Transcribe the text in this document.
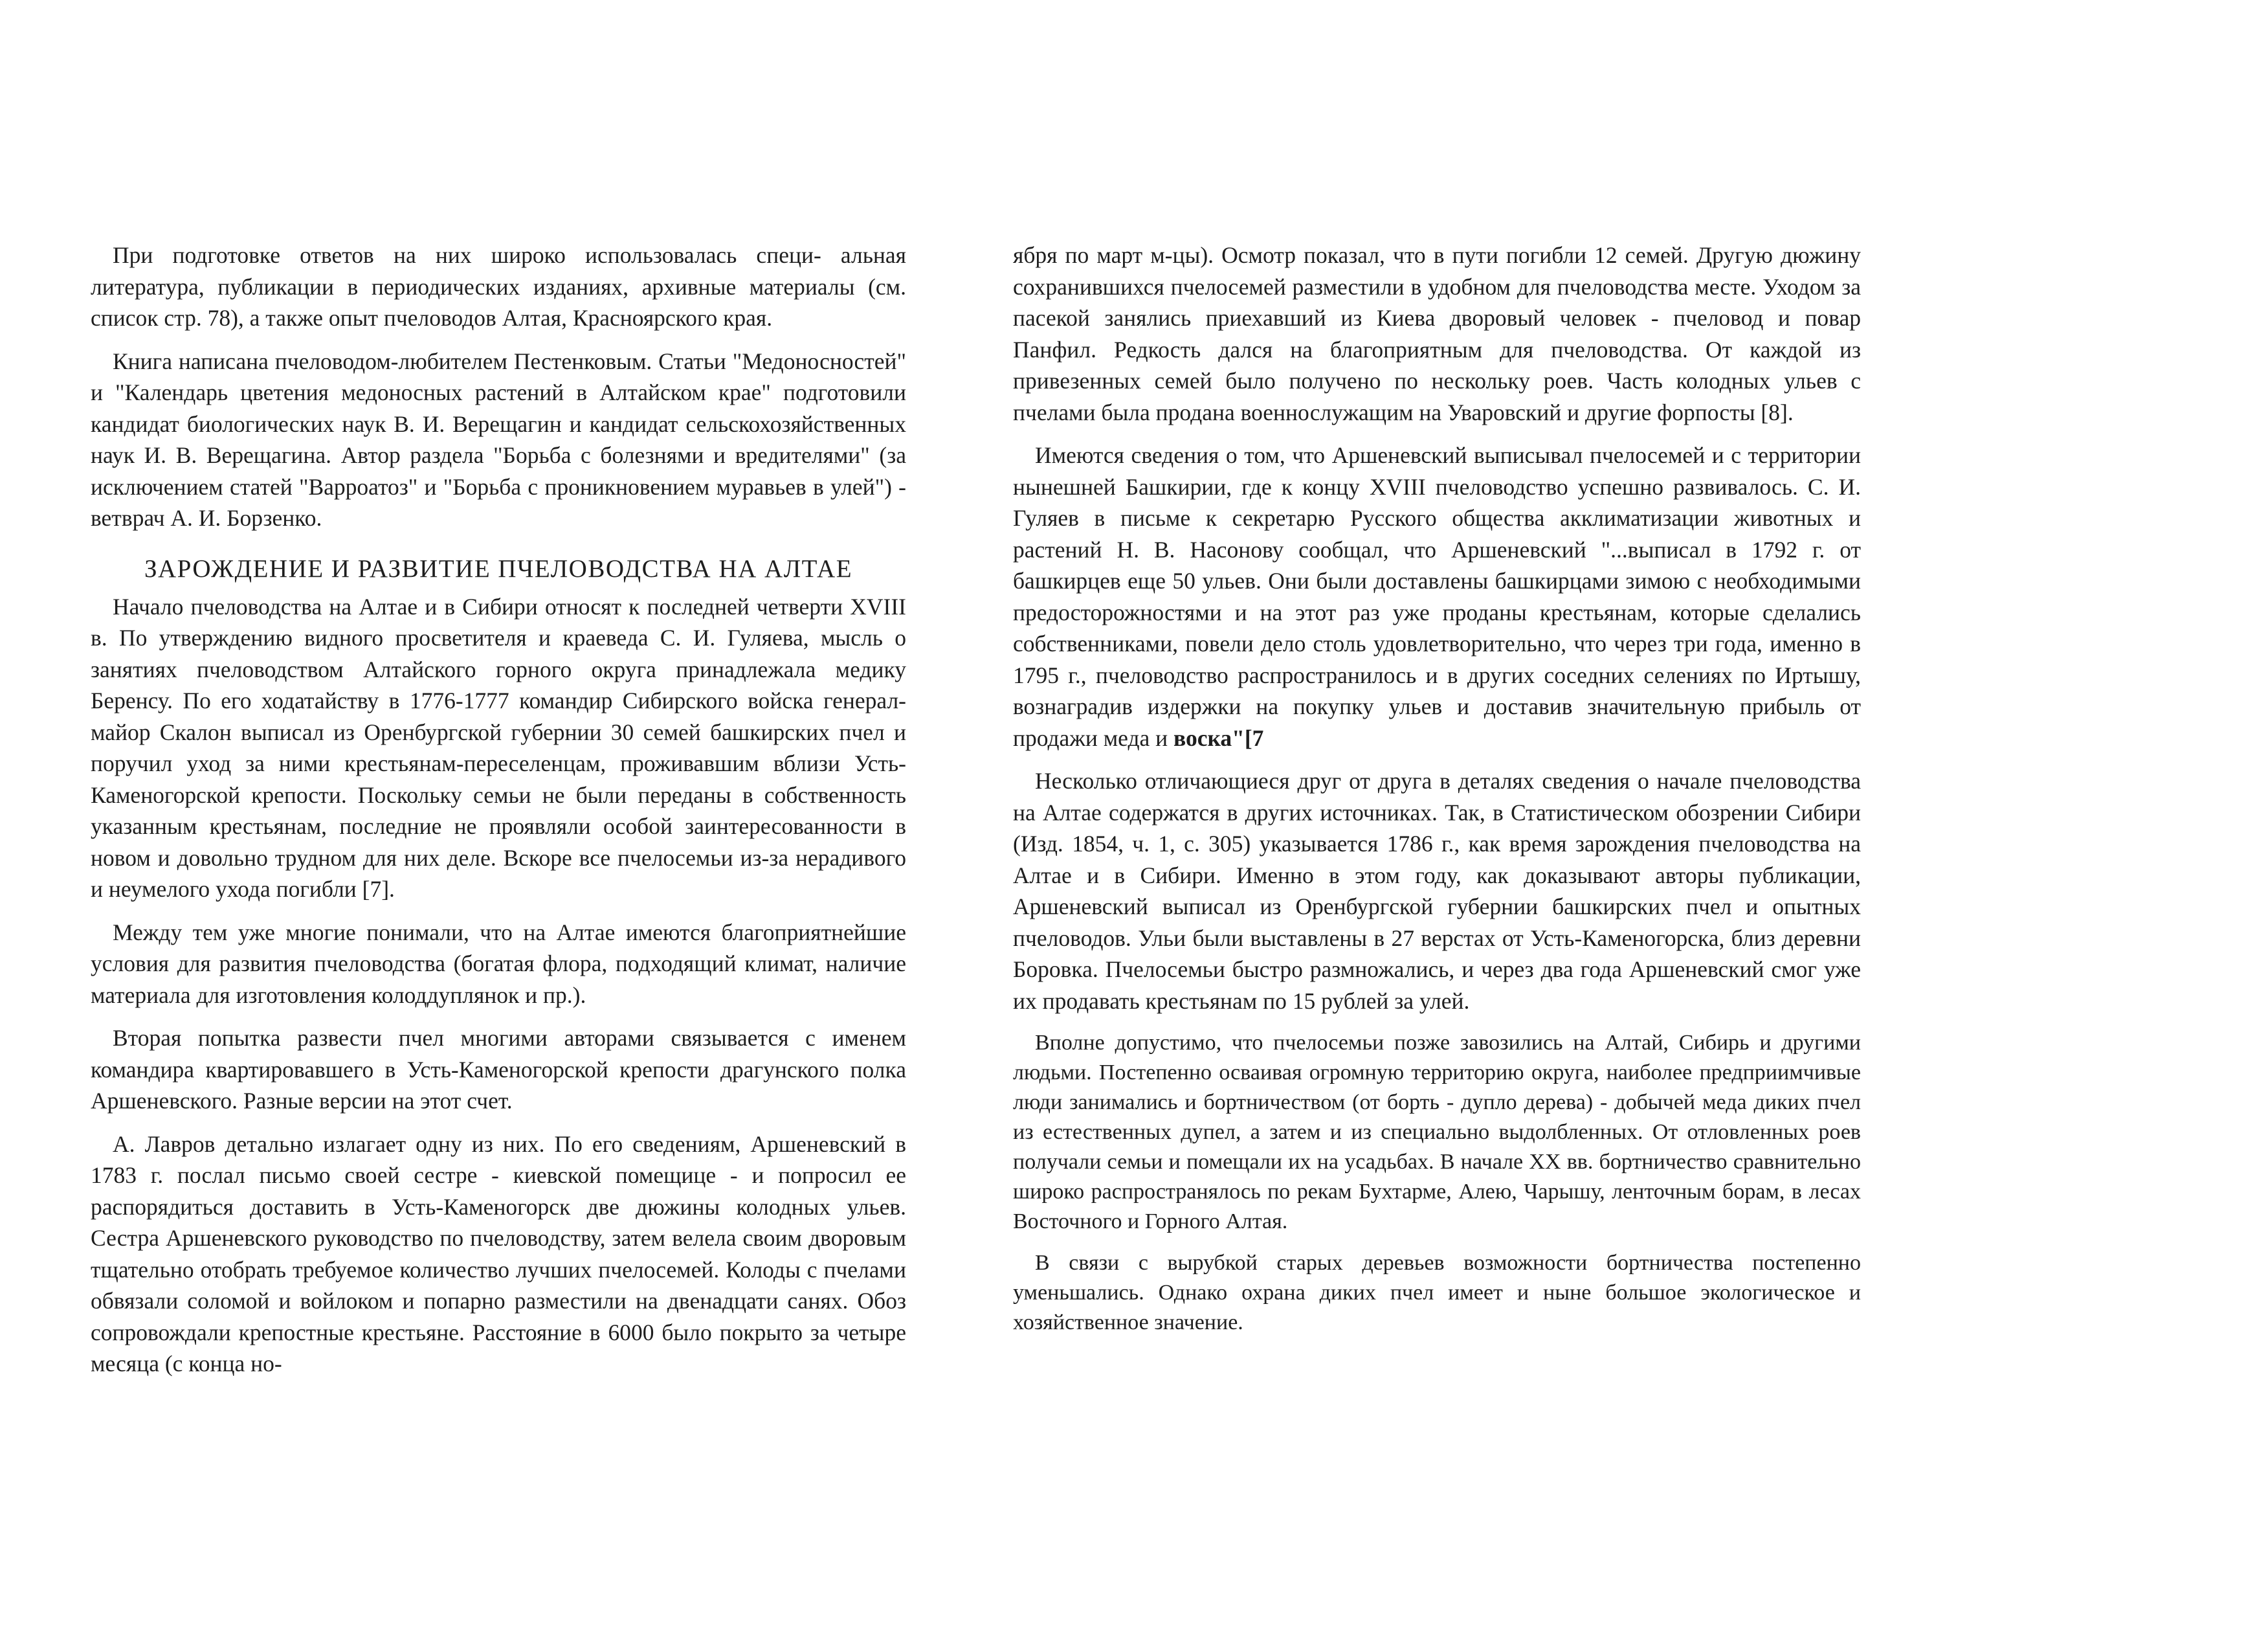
При подготовке ответов на них широко использовалась специ- альная литература, публикации в периодических изданиях, архивные материалы (см. список стр. 78), а также опыт пчеловодов Алтая, Красноярского края.

Книга написана пчеловодом-любителем Пестенковым. Статьи "Медоносностей" и "Календарь цветения медоносных растений в Алтайском крае" подготовили кандидат биологических наук В. И. Верещагин и кандидат сельскохозяйственных наук И. В. Верещагина. Автор раздела "Борьба с болезнями и вредителями" (за исключением статей "Варроатоз" и "Борьба с проникновением муравьев в улей") - ветврач А. И. Борзенко.

ЗАРОЖДЕНИЕ И РАЗВИТИЕ ПЧЕЛОВОДСТВА НА АЛТАЕ

Начало пчеловодства на Алтае и в Сибири относят к последней четверти XVIII в. По утверждению видного просветителя и краеведа С. И. Гуляева, мысль о занятиях пчеловодством Алтайского горного округа принадлежала медику Беренсу. По его ходатайству в 1776-1777 командир Сибирского войска генерал-майор Скалон выписал из Оренбургской губернии 30 семей башкирских пчел и поручил уход за ними крестьянам-переселенцам, проживавшим вблизи Усть-Каменогорской крепости. Поскольку семьи не были переданы в собственность указанным крестьянам, последние не проявляли особой заинтересованности в новом и довольно трудном для них деле. Вскоре все пчелосемьи из-за нерадивого и неумелого ухода погибли [7].

Между тем уже многие понимали, что на Алтае имеются благоприятнейшие условия для развития пчеловодства (богатая флора, подходящий климат, наличие материала для изготовления колоддуплянок и пр.).

Вторая попытка развести пчел многими авторами связывается с именем командира квартировавшего в Усть-Каменогорской крепости драгунского полка Аршеневского. Разные версии на этот счет.

А. Лавров детально излагает одну из них. По его сведениям, Аршеневский в 1783 г. послал письмо своей сестре - киевской помещице - и попросил ее распорядиться доставить в Усть-Каменогорск две дюжины колодных ульев. Сестра Аршеневского руководство по пчеловодству, затем велела своим дворовым тщательно отобрать требуемое количество лучших пчелосемей. Колоды с пчелами обвязали соломой и войлоком и попарно разместили на двенадцати санях. Обоз сопровождали крепостные крестьяне. Расстояние в 6000 было покрыто за четыре месяца (с конца но-

ября по март м-цы). Осмотр показал, что в пути погибли 12 семей. Другую дюжину сохранившихся пчелосемей разместили в удобном для пчеловодства месте. Уходом за пасекой занялись приехавший из Киева дворовый человек - пчеловод и повар Панфил. Редкость дался на благоприятным для пчеловодства. От каждой из привезенных семей было получено по нескольку роев. Часть колодных ульев с пчелами была продана военнослужащим на Уваровский и другие форпосты [8].

Имеются сведения о том, что Аршеневский выписывал пчелосемей и с территории нынешней Башкирии, где к концу XVIII пчеловодство успешно развивалось. С. И. Гуляев в письме к секретарю Русского общества акклиматизации животных и растений Н. В. Насонову сообщал, что Аршеневский "...выписал в 1792 г. от башкирцев еще 50 ульев. Они были доставлены башкирцами зимою с необходимыми предосторожностями и на этот раз уже проданы крестьянам, которые сделались собственниками, повели дело столь удовлетворительно, что через три года, именно в 1795 г., пчеловодство распространилось и в других соседних селениях по Иртышу, вознаградив издержки на покупку ульев и доставив значительную прибыль от продажи меда и воска"[7

Несколько отличающиеся друг от друга в деталях сведения о начале пчеловодства на Алтае содержатся в других источниках. Так, в Статистическом обозрении Сибири (Изд. 1854, ч. 1, с. 305) указывается 1786 г., как время зарождения пчеловодства на Алтае и в Сибири. Именно в этом году, как доказывают авторы публикации, Аршеневский выписал из Оренбургской губернии башкирских пчел и опытных пчеловодов. Ульи были выставлены в 27 верстах от Усть-Каменогорска, близ деревни Боровка. Пчелосемьи быстро размножались, и через два года Аршеневский смог уже их продавать крестьянам по 15 рублей за улей.

Вполне допустимо, что пчелосемьи позже завозились на Алтай, Сибирь и другими людьми. Постепенно осваивая огромную территорию округа, наиболее предприимчивые люди занимались и бортничеством (от борть - дупло дерева) - добычей меда диких пчел из естественных дупел, а затем и из специально выдолбленных. От отловленных роев получали семьи и помещали их на усадьбах. В начале XX вв. бортничество сравнительно широко распространялось по рекам Бухтарме, Алею, Чарышу, ленточным борам, в лесах Восточного и Горного Алтая.

В связи с вырубкой старых деревьев возможности бортничества постепенно уменьшались. Однако охрана диких пчел имеет и ныне большое экологическое и хозяйственное значение.
